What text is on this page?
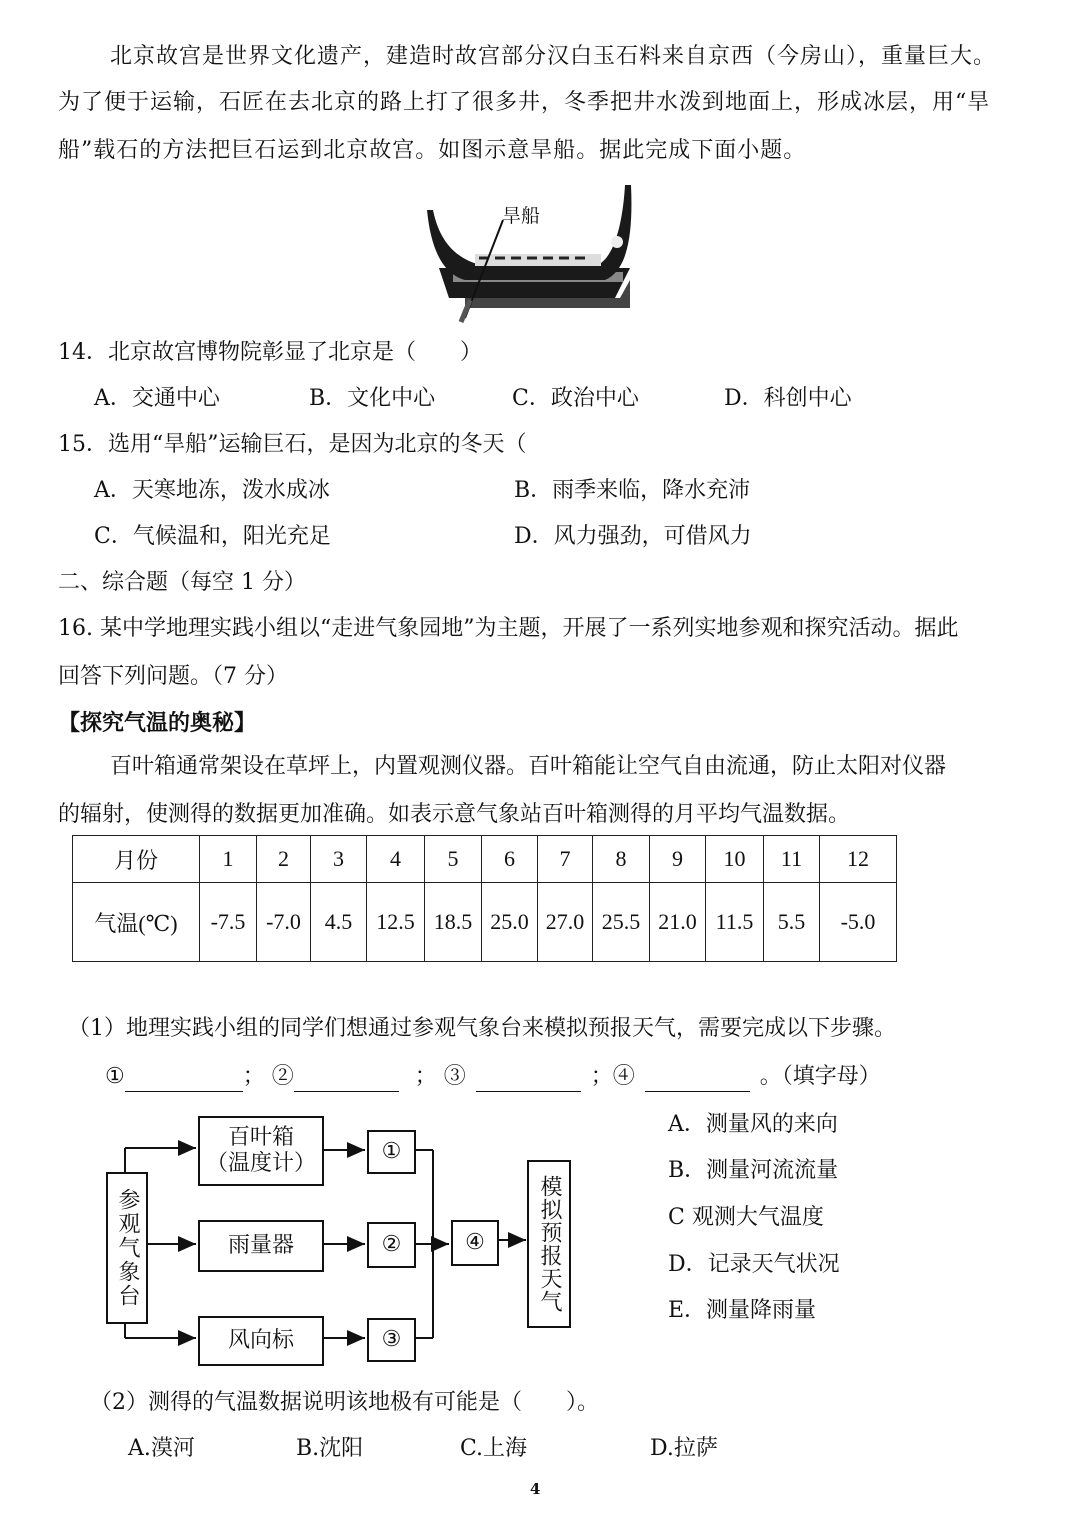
北京故宫是世界文化遗产，建造时故宫部分汉白玉石料来自京西（今房山），重量巨大。
为了便于运输，石匠在去北京的路上打了很多井，冬季把井水泼到地面上，形成冰层，用“旱
船”载石的方法把巨石运到北京故宫。如图示意旱船。据此完成下面小题。
旱船
14．北京故宫博物院彰显了北京是（　　）
A．交通中心	B．文化中心	C．政治中心	D．科创中心
15．选用“旱船”运输巨石，是因为北京的冬天（
A．天寒地冻，泼水成冰	B．雨季来临，降水充沛
C．气候温和，阳光充足	D．风力强劲，可借风力
二、综合题（每空 1 分）
16. 某中学地理实践小组以“走进气象园地”为主题，开展了一系列实地参观和探究活动。据此
回答下列问题。（7 分）
【探究气温的奥秘】
百叶箱通常架设在草坪上，内置观测仪器。百叶箱能让空气自由流通，防止太阳对仪器
的辐射，使测得的数据更加准确。如表示意气象站百叶箱测得的月平均气温数据。
月份	1	2	3	4	5	6	7	8	9	10	11	12
气温(℃)	-7.5	-7.0	4.5	12.5	18.5	25.0	27.0	25.5	21.0	11.5	5.5	-5.0
（1）地理实践小组的同学们想通过参观气象台来模拟预报天气，需要完成以下步骤。
①	； ②	； ③	；④	。（填字母）
参观气象台
百叶箱
（温度计）
雨量器
风向标
①
②
③
④	模拟预报天气
A．测量风的来向
B．测量河流流量
C 观测大气温度
D．记录天气状况
E．测量降雨量
（2）测得的气温数据说明该地极有可能是（　　）。
A.漠河	B.沈阳	C.上海	D.拉萨
4
